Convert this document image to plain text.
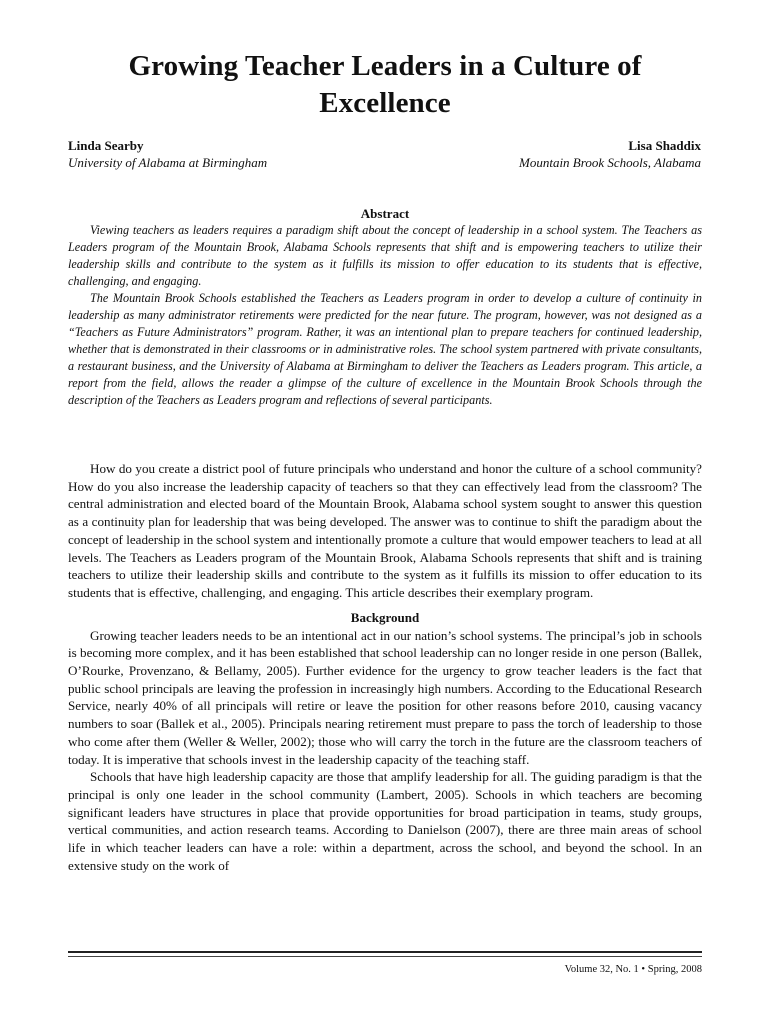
Growing Teacher Leaders in a Culture of Excellence
Linda Searby
University of Alabama at Birmingham
Lisa Shaddix
Mountain Brook Schools, Alabama
Abstract

Viewing teachers as leaders requires a paradigm shift about the concept of leadership in a school system. The Teachers as Leaders program of the Mountain Brook, Alabama Schools represents that shift and is empowering teachers to utilize their leadership skills and contribute to the system as it fulfills its mission to offer education to its students that is effective, challenging, and engaging.

The Mountain Brook Schools established the Teachers as Leaders program in order to develop a culture of continuity in leadership as many administrator retirements were predicted for the near future. The program, however, was not designed as a “Teachers as Future Administrators” program. Rather, it was an intentional plan to prepare teachers for continued leadership, whether that is demonstrated in their classrooms or in administrative roles. The school system partnered with private consultants, a restaurant business, and the University of Alabama at Birmingham to deliver the Teachers as Leaders program. This article, a report from the field, allows the reader a glimpse of the culture of excellence in the Mountain Brook Schools through the description of the Teachers as Leaders program and reflections of several participants.

How do you create a district pool of future principals who understand and honor the culture of a school community? How do you also increase the leadership capacity of teachers so that they can effectively lead from the classroom? The central administration and elected board of the Mountain Brook, Alabama school system sought to answer this question as a continuity plan for leadership that was being developed. The answer was to continue to shift the paradigm about the concept of leadership in the school system and intentionally promote a culture that would empower teachers to lead at all levels. The Teachers as Leaders program of the Mountain Brook, Alabama Schools represents that shift and is training teachers to utilize their leadership skills and contribute to the system as it fulfills its mission to offer education to its students that is effective, challenging, and engaging. This article describes their exemplary program.

Background

Growing teacher leaders needs to be an intentional act in our nation’s school systems. The principal’s job in schools is becoming more complex, and it has been established that school leadership can no longer reside in one person (Ballek, O’Rourke, Provenzano, & Bellamy, 2005). Further evidence for the urgency to grow teacher leaders is the fact that public school principals are leaving the profession in increasingly high numbers. According to the Educational Research Service, nearly 40% of all principals will retire or leave the position for other reasons before 2010, causing vacancy numbers to soar (Ballek et al., 2005). Principals nearing retirement must prepare to pass the torch of leadership to those who come after them (Weller & Weller, 2002); those who will carry the torch in the future are the classroom teachers of today. It is imperative that schools invest in the leadership capacity of the teaching staff.

Schools that have high leadership capacity are those that amplify leadership for all. The guiding paradigm is that the principal is only one leader in the school community (Lambert, 2005). Schools in which teachers are becoming significant leaders have structures in place that provide opportunities for broad participation in teams, study groups, vertical communities, and action research teams. According to Danielson (2007), there are three main areas of school life in which teacher leaders can have a role: within a department, across the school, and beyond the school. In an extensive study on the work of

Volume 32, No. 1 • Spring, 2008
